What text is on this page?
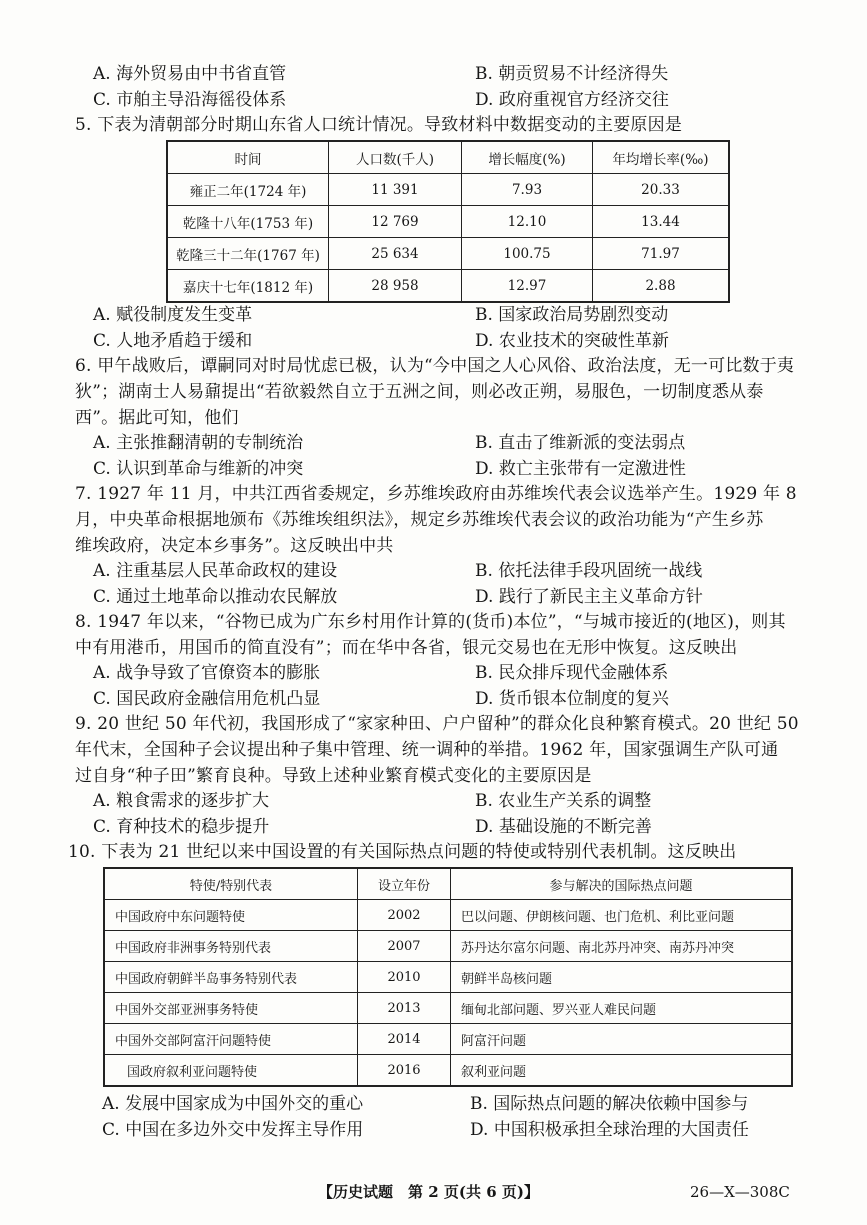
A. 海外贸易由中书省直管	B. 朝贡贸易不计经济得失
C. 市舶主导沿海徭役体系	D. 政府重视官方经济交往
5. 下表为清朝部分时期山东省人口统计情况。导致材料中数据变动的主要原因是
时间	人口数(千人)	增长幅度(%)	年均增长率(‰)
雍正二年(1724 年)	11 391	7.93	20.33
乾隆十八年(1753 年)	12 769	12.10	13.44
乾隆三十二年(1767 年)	25 634	100.75	71.97
嘉庆十七年(1812 年)	28 958	12.97	2.88
A. 赋役制度发生变革	B. 国家政治局势剧烈变动
C. 人地矛盾趋于缓和	D. 农业技术的突破性革新
6. 甲午战败后，谭嗣同对时局忧虑已极，认为“今中国之人心风俗、政治法度，无一可比数于夷
狄”；湖南士人易鼐提出“若欲毅然自立于五洲之间，则必改正朔，易服色，一切制度悉从泰
西”。据此可知，他们
A. 主张推翻清朝的专制统治	B. 直击了维新派的变法弱点
C. 认识到革命与维新的冲突	D. 救亡主张带有一定激进性
7. 1927 年 11 月，中共江西省委规定，乡苏维埃政府由苏维埃代表会议选举产生。1929 年 8
月，中央革命根据地颁布《苏维埃组织法》，规定乡苏维埃代表会议的政治功能为“产生乡苏
维埃政府，决定本乡事务”。这反映出中共
A. 注重基层人民革命政权的建设	B. 依托法律手段巩固统一战线
C. 通过土地革命以推动农民解放	D. 践行了新民主主义革命方针
8. 1947 年以来，“谷物已成为广东乡村用作计算的(货币)本位”，“与城市接近的(地区)，则其
中有用港币，用国币的简直没有”；而在华中各省，银元交易也在无形中恢复。这反映出
A. 战争导致了官僚资本的膨胀	B. 民众排斥现代金融体系
C. 国民政府金融信用危机凸显	D. 货币银本位制度的复兴
9. 20 世纪 50 年代初，我国形成了“家家种田、户户留种”的群众化良种繁育模式。20 世纪 50
年代末，全国种子会议提出种子集中管理、统一调种的举措。1962 年，国家强调生产队可通
过自身“种子田”繁育良种。导致上述种业繁育模式变化的主要原因是
A. 粮食需求的逐步扩大	B. 农业生产关系的调整
C. 育种技术的稳步提升	D. 基础设施的不断完善
10. 下表为 21 世纪以来中国设置的有关国际热点问题的特使或特别代表机制。这反映出
特使/特别代表	设立年份	参与解决的国际热点问题
中国政府中东问题特使	2002	巴以问题、伊朗核问题、也门危机、利比亚问题
中国政府非洲事务特别代表	2007	苏丹达尔富尔问题、南北苏丹冲突、南苏丹冲突
中国政府朝鲜半岛事务特别代表	2010	朝鲜半岛核问题
中国外交部亚洲事务特使	2013	缅甸北部问题、罗兴亚人难民问题
中国外交部阿富汗问题特使	2014	阿富汗问题
国政府叙利亚问题特使	2016	叙利亚问题
A. 发展中国家成为中国外交的重心	B. 国际热点问题的解决依赖中国参与
C. 中国在多边外交中发挥主导作用	D. 中国积极承担全球治理的大国责任
【历史试题　第 2 页(共 6 页)】	26—X—308C
